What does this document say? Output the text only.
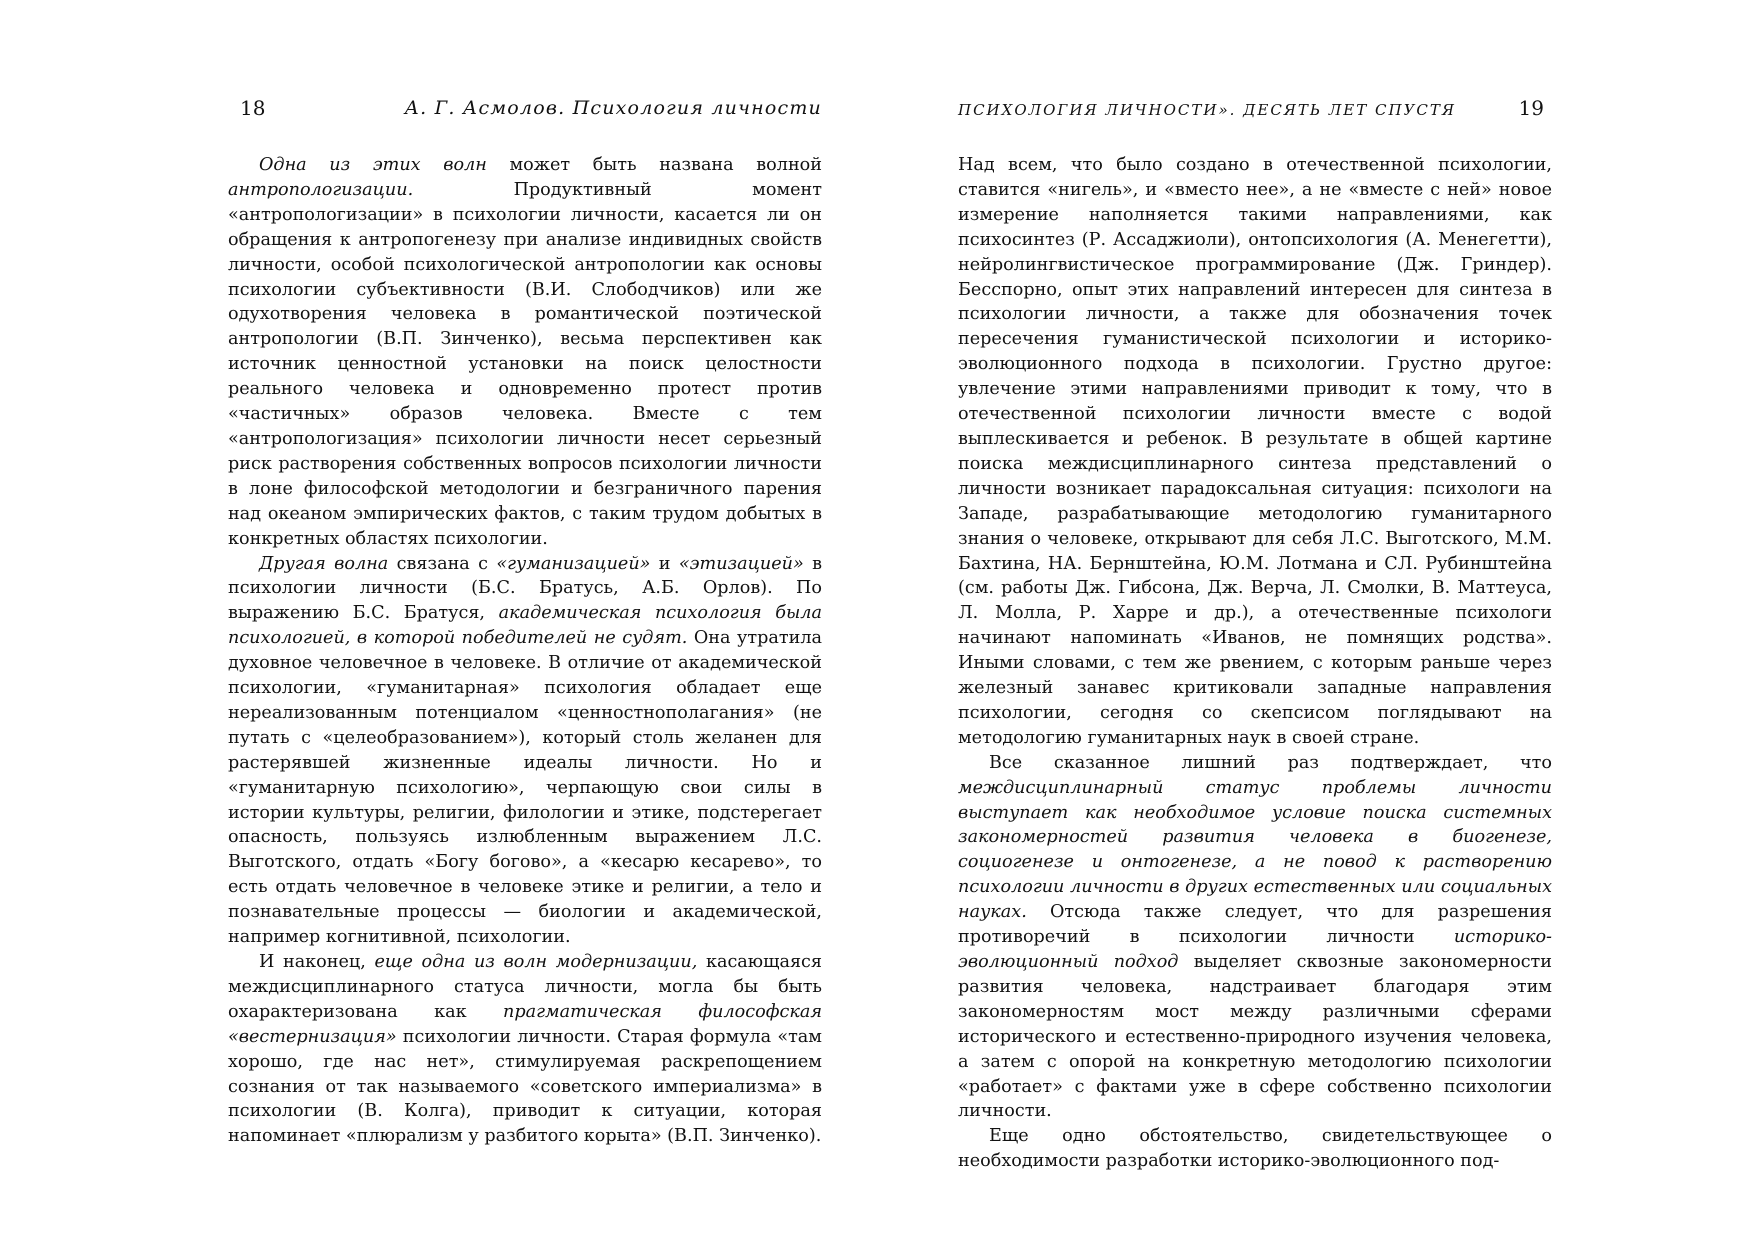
18	А. Г. Асмолов. Психология личности

Одна из этих волн может быть названа волной антропологизации. Продуктивный момент «антропологизации» в психологии личности, касается ли он обращения к антропогенезу при анализе индивидных свойств личности, особой психологической антропологии как основы психологии субъективности (В.И. Слободчиков) или же одухотворения человека в романтической поэтической антропологии (В.П. Зинченко), весьма перспективен как источник ценностной установки на поиск целостности реального человека и одновременно протест против «частичных» образов человека. Вместе с тем «антропологизация» психологии личности несет серьезный риск растворения собственных вопросов психологии личности в лоне философской методологии и безграничного парения над океаном эмпирических фактов, с таким трудом добытых в конкретных областях психологии.

Другая волна связана с «гуманизацией» и «этизацией» в психологии личности (Б.С. Братусь, А.Б. Орлов). По выражению Б.С. Братуся, академическая психология была психологией, в которой победителей не судят. Она утратила духовное человечное в человеке. В отличие от академической психологии, «гуманитарная» психология обладает еще нереализованным потенциалом «ценностнополагания» (не путать с «целеобразованием»), который столь желанен для растерявшей жизненные идеалы личности. Но и «гуманитарную психологию», черпающую свои силы в истории культуры, религии, филологии и этике, подстерегает опасность, пользуясь излюбленным выражением Л.С. Выготского, отдать «Богу богово», а «кесарю кесарево», то есть отдать человечное в человеке этике и религии, а тело и познавательные процессы — биологии и академической, например когнитивной, психологии.

И наконец, еще одна из волн модернизации, касающаяся междисциплинарного статуса личности, могла бы быть охарактеризована как прагматическая философская «вестернизация» психологии личности. Старая формула «там хорошо, где нас нет», стимулируемая раскрепощением сознания от так называемого «советского империализма» в психологии (В. Колга), приводит к ситуации, которая напоминает «плюрализм у разбитого корыта» (В.П. Зинченко).

ПСИХОЛОГИЯ ЛИЧНОСТИ». ДЕСЯТЬ ЛЕТ СПУСТЯ	19

Над всем, что было создано в отечественной психологии, ставится «нигель», и «вместо нее», а не «вместе с ней» новое измерение наполняется такими направлениями, как психосинтез (Р. Ассаджиоли), онтопсихология (А. Менегетти), нейролингвистическое программирование (Дж. Гриндер). Бесспорно, опыт этих направлений интересен для синтеза в психологии личности, а также для обозначения точек пересечения гуманистической психологии и историко-эволюционного подхода в психологии. Грустно другое: увлечение этими направлениями приводит к тому, что в отечественной психологии личности вместе с водой выплескивается и ребенок. В результате в общей картине поиска междисциплинарного синтеза представлений о личности возникает парадоксальная ситуация: психологи на Западе, разрабатывающие методологию гуманитарного знания о человеке, открывают для себя Л.С. Выготского, М.М. Бахтина, НА. Бернштейна, Ю.М. Лотмана и СЛ. Рубинштейна (см. работы Дж. Гибсона, Дж. Верча, Л. Смолки, В. Маттеуса, Л. Молла, Р. Харре и др.), а отечественные психологи начинают напоминать «Иванов, не помнящих родства». Иными словами, с тем же рвением, с которым раньше через железный занавес критиковали западные направления психологии, сегодня со скепсисом поглядывают на методологию гуманитарных наук в своей стране.

Все сказанное лишний раз подтверждает, что междисциплинарный статус проблемы личности выступает как необходимое условие поиска системных закономерностей развития человека в биогенезе, социогенезе и онтогенезе, а не повод к растворению психологии личности в других естественных или социальных науках. Отсюда также следует, что для разрешения противоречий в психологии личности историко-эволюционный подход выделяет сквозные закономерности развития человека, надстраивает благодаря этим закономерностям мост между различными сферами исторического и естественно-природного изучения человека, а затем с опорой на конкретную методологию психологии «работает» с фактами уже в сфере собственно психологии личности.

Еще одно обстоятельство, свидетельствующее о необходимости разработки историко-эволюционного под-
